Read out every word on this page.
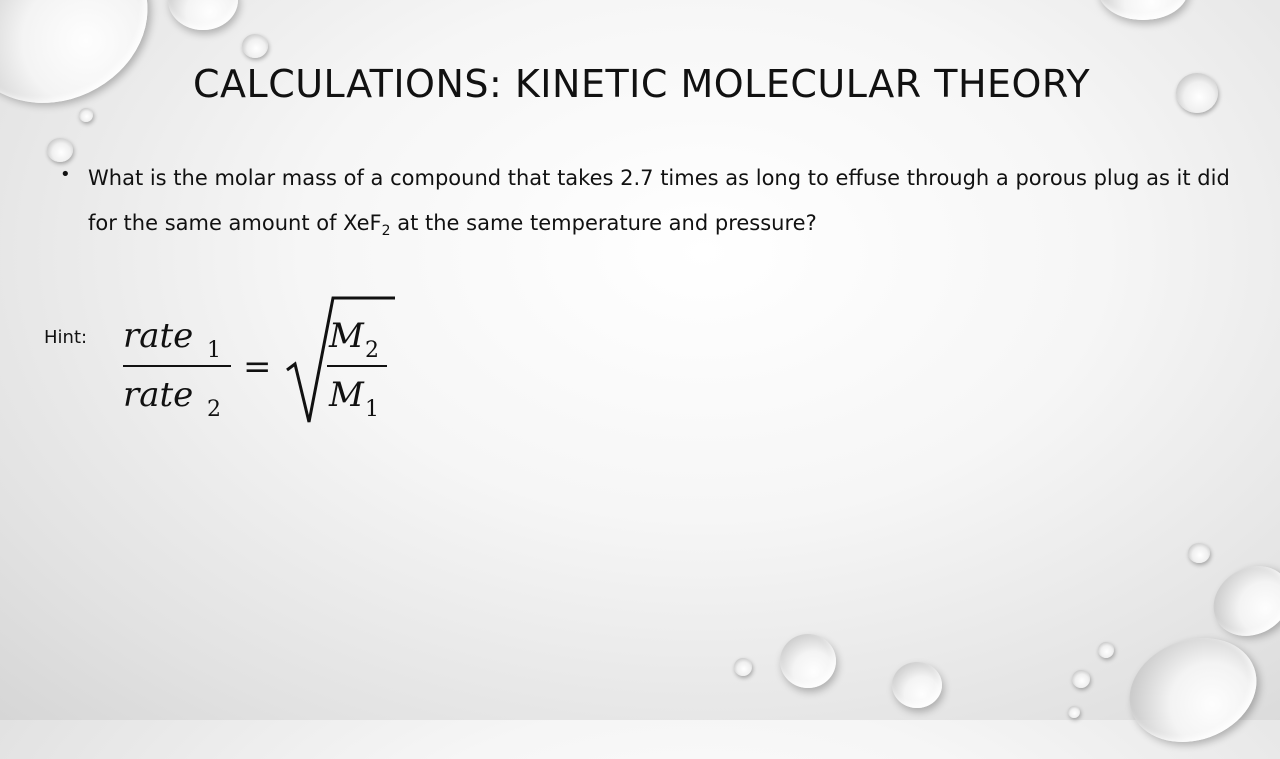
CALCULATIONS: KINETIC MOLECULAR THEORY
• What is the molar mass of a compound that takes 2.7 times as long to effuse through a porous plug as it did for the same amount of XeF$_2$ at the same temperature and pressure?
Hint: rate 1
rate 2
=
M 2
M 1
